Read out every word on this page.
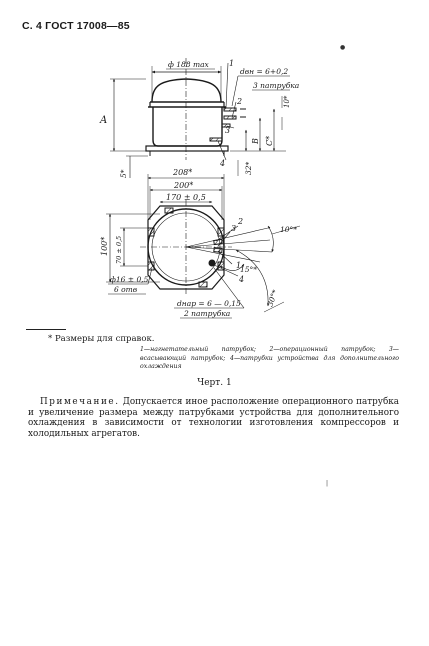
С. 4 ГОСТ 17008—85
●
|
ф 188 max
dвн = 6+0,2
3 патрубка
10*
A
B C*
5*	32*
1
2
3
4
208*
200*
170 ± 0,5
100* 70 ± 0,5
ф16 ± 0,5
6 отв
10°*
15°*
30°*
dнар = 6 — 0,15
2 патрубка
1
2
3
4
* Размеры для справок.
1—нагнетательный патрубок; 2—операционный патрубок; 3—всасывающий патрубок; 4—патрубки устройства для дополнительного охлаждения
Черт. 1
Примечание. Допускается иное расположение операционного патрубка и увеличение размера между патрубками устройства для дополнительного охлаждения в зависимости от технологии изготовления компрессоров и холодильных агрегатов.
